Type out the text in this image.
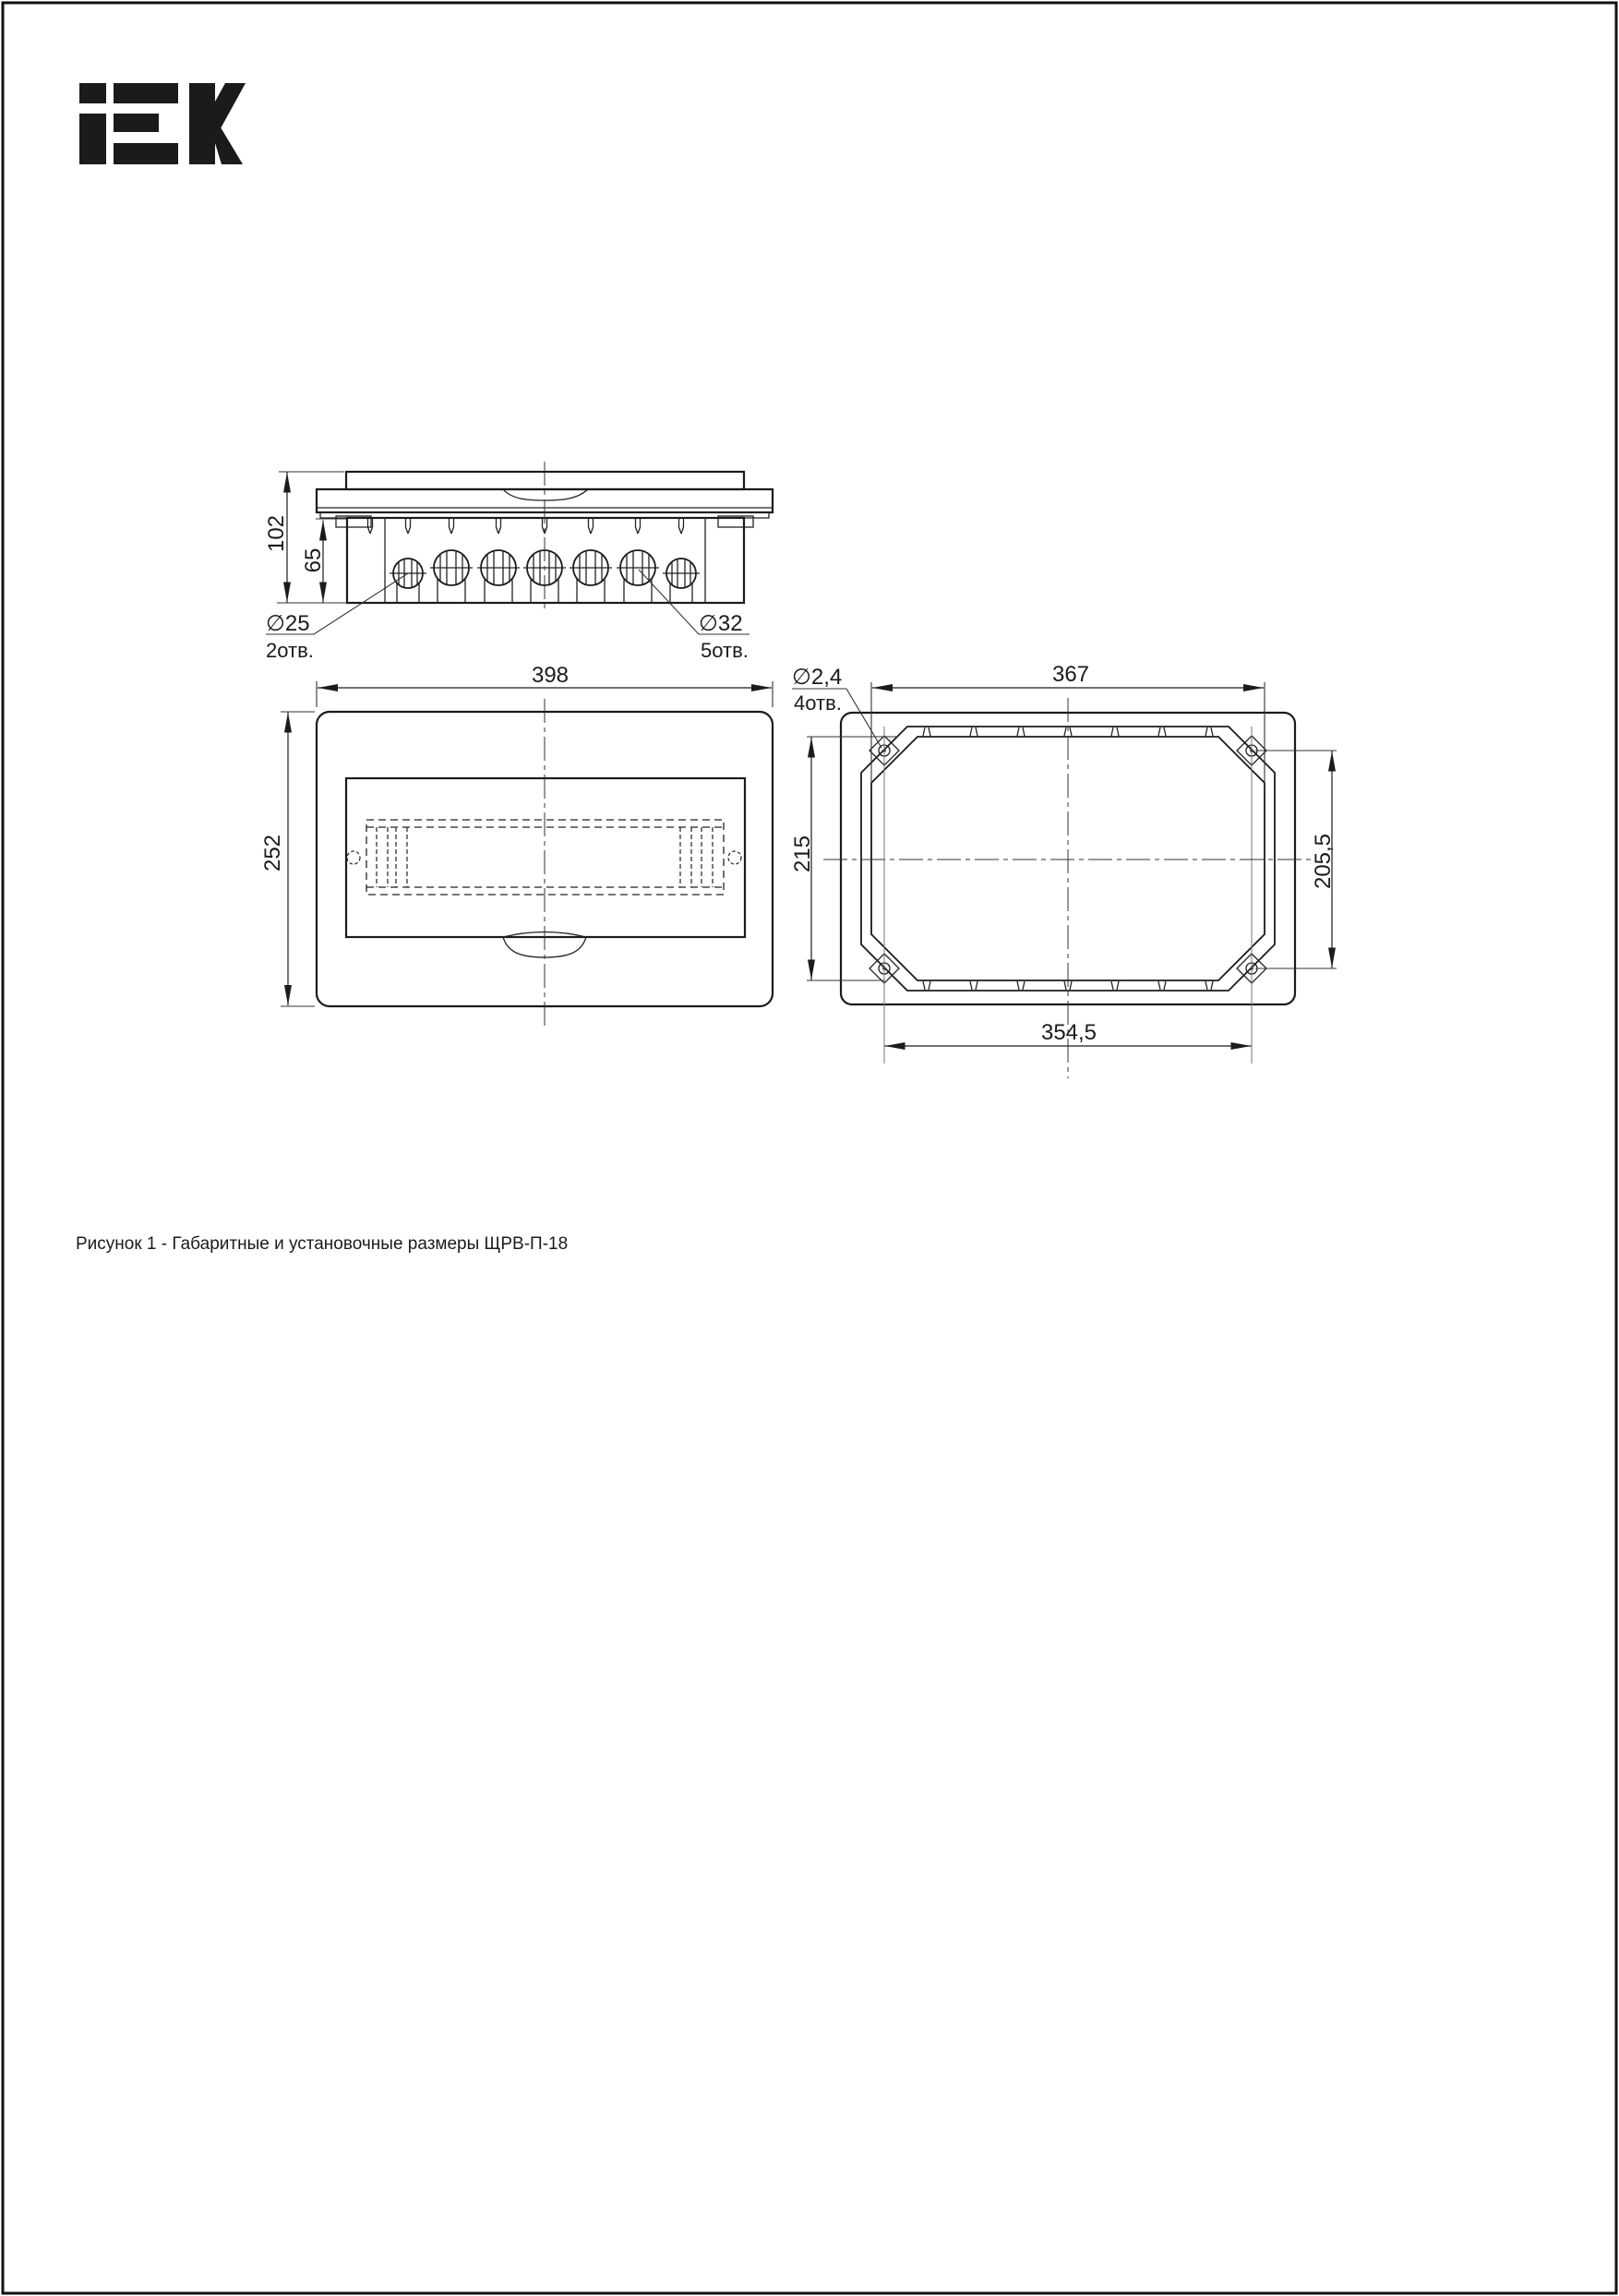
102
65
∅25
2отв.
∅32
5отв.
398
252
367
354,5
215	205,5
∅2,4
4отв.
Рисунок 1 - Габаритные и установочные размеры ЩРВ-П-18
